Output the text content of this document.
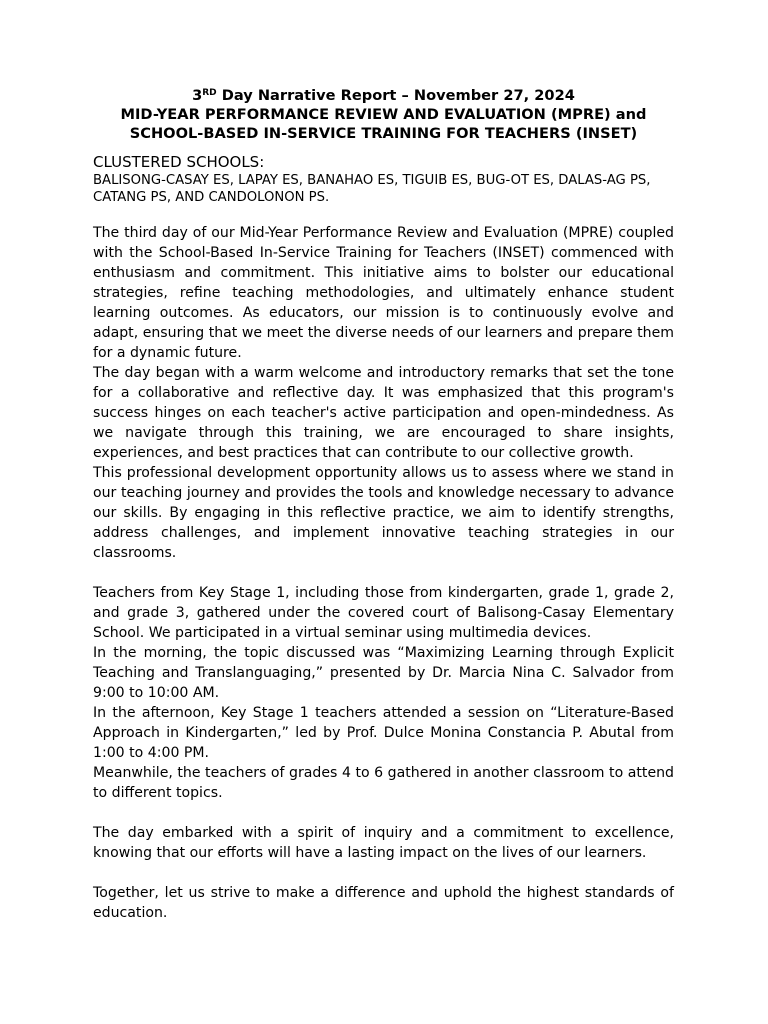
3RD Day Narrative Report – November 27, 2024
MID-YEAR PERFORMANCE REVIEW AND EVALUATION (MPRE) and
SCHOOL-BASED IN-SERVICE TRAINING FOR TEACHERS (INSET)
CLUSTERED SCHOOLS:
BALISONG-CASAY ES, LAPAY ES, BANAHAO ES, TIGUIB ES, BUG-OT ES, DALAS-AG PS, CATANG PS, AND CANDOLONON PS.

The third day of our Mid-Year Performance Review and Evaluation (MPRE) coupled with the School-Based In-Service Training for Teachers (INSET) commenced with enthusiasm and commitment. This initiative aims to bolster our educational strategies, refine teaching methodologies, and ultimately enhance student learning outcomes. As educators, our mission is to continuously evolve and adapt, ensuring that we meet the diverse needs of our learners and prepare them for a dynamic future.

The day began with a warm welcome and introductory remarks that set the tone for a collaborative and reflective day. It was emphasized that this program's success hinges on each teacher's active participation and open-mindedness. As we navigate through this training, we are encouraged to share insights, experiences, and best practices that can contribute to our collective growth.

This professional development opportunity allows us to assess where we stand in our teaching journey and provides the tools and knowledge necessary to advance our skills. By engaging in this reflective practice, we aim to identify strengths, address challenges, and implement innovative teaching strategies in our classrooms.

Teachers from Key Stage 1, including those from kindergarten, grade 1, grade 2, and grade 3, gathered under the covered court of Balisong-Casay Elementary School. We participated in a virtual seminar using multimedia devices.

In the morning, the topic discussed was “Maximizing Learning through Explicit Teaching and Translanguaging,” presented by Dr. Marcia Nina C. Salvador from 9:00 to 10:00 AM.

In the afternoon, Key Stage 1 teachers attended a session on “Literature-Based Approach in Kindergarten,” led by Prof. Dulce Monina Constancia P. Abutal from 1:00 to 4:00 PM.

Meanwhile, the teachers of grades 4 to 6 gathered in another classroom to attend to different topics.

The day embarked with a spirit of inquiry and a commitment to excellence, knowing that our efforts will have a lasting impact on the lives of our learners.

Together, let us strive to make a difference and uphold the highest standards of education.
